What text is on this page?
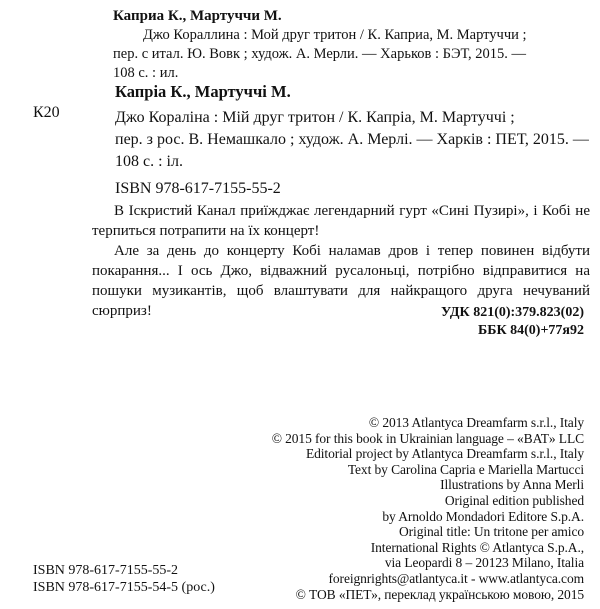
Каприа К., Мартуччи М.
Джо Кораллина : Мой друг тритон / К. Каприа, М. Мартуччи ;
пер. с итал. Ю. Вовк ; худож. А. Мерли. — Харьков : БЭТ, 2015. —
108 с. : ил.
К20
Капріа К., Мартуччі М.
Джо Кораліна : Мій друг тритон / К. Капріа, М. Мартуччі ;
пер. з рос. В. Немашкало ; худож. А. Мерлі. — Харків : ПЕТ, 2015. —
108 с. : іл.
ISBN 978-617-7155-55-2

В Іскристий Канал приїжджає легендарний гурт «Сині Пузирі», і Кобі не терпиться потрапити на їх концерт!

Але за день до концерту Кобі наламав дров і тепер повинен відбути покарання... І ось Джо, відважний русалоньці, потрібно відправитися на пошуки музикантів, щоб влаштувати для найкращого друга нечуваний сюрприз!	УДК 821(0):379.823(02)
ББК 84(0)+77я92
© 2013 Atlantyca Dreamfarm s.r.l., Italy
© 2015 for this book in Ukrainian language – «BAT» LLC
Editorial project by Atlantyca Dreamfarm s.r.l., Italy
Text by Carolina Capria e Mariella Martucci
Illustrations by Anna Merli
Original edition published
by Arnoldo Mondadori Editore S.p.A.
Original title: Un tritone per amico
International Rights © Atlantyca S.p.A.,
via Leopardi 8 – 20123 Milano, Italia
foreignrights@atlantyca.it - www.atlantyca.com
© ТОВ «ПЕТ», переклад українською мовою, 2015
ISBN 978-617-7155-55-2
ISBN 978-617-7155-54-5 (рос.)
